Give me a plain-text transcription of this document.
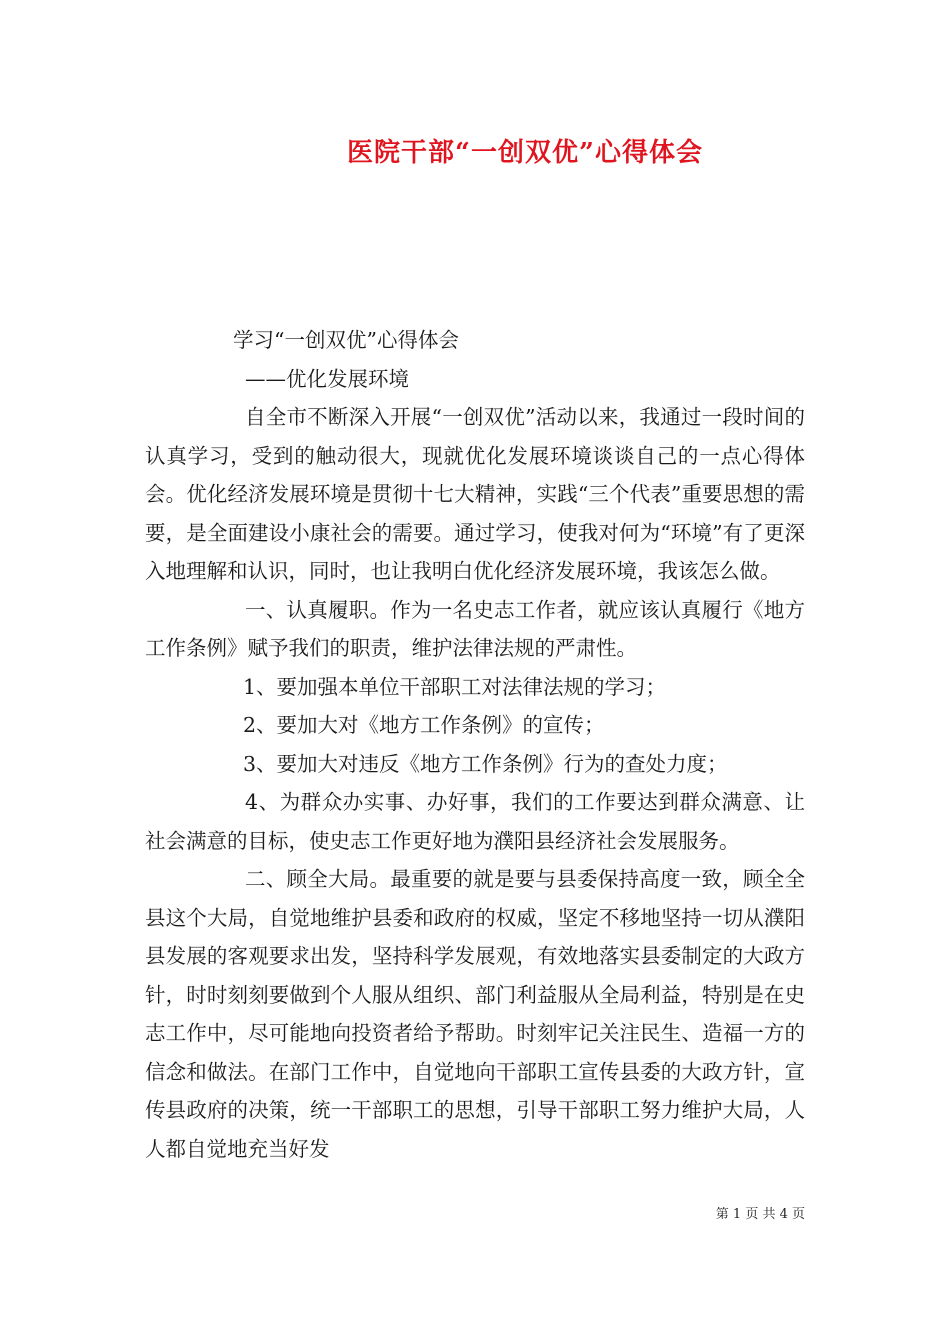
医院干部“一创双优”心得体会

学习“一创双优”心得体会

——优化发展环境

自全市不断深入开展“一创双优”活动以来，我通过一段时间的认真学习，受到的触动很大，现就优化发展环境谈谈自己的一点心得体会。优化经济发展环境是贯彻十七大精神，实践“三个代表”重要思想的需要，是全面建设小康社会的需要。通过学习，使我对何为“环境”有了更深入地理解和认识，同时，也让我明白优化经济发展环境，我该怎么做。

一、认真履职。作为一名史志工作者，就应该认真履行《地方工作条例》赋予我们的职责，维护法律法规的严肃性。

1、要加强本单位干部职工对法律法规的学习；

2、要加大对《地方工作条例》的宣传；

3、要加大对违反《地方工作条例》行为的查处力度；

4、为群众办实事、办好事，我们的工作要达到群众满意、让社会满意的目标，使史志工作更好地为濮阳县经济社会发展服务。

二、顾全大局。最重要的就是要与县委保持高度一致，顾全全县这个大局，自觉地维护县委和政府的权威，坚定不移地坚持一切从濮阳县发展的客观要求出发，坚持科学发展观，有效地落实县委制定的大政方针，时时刻刻要做到个人服从组织、部门利益服从全局利益，特别是在史志工作中，尽可能地向投资者给予帮助。时刻牢记关注民生、造福一方的信念和做法。在部门工作中，自觉地向干部职工宣传县委的大政方针，宣传县政府的决策，统一干部职工的思想，引导干部职工努力维护大局，人人都自觉地充当好发

第 1 页 共 4 页
